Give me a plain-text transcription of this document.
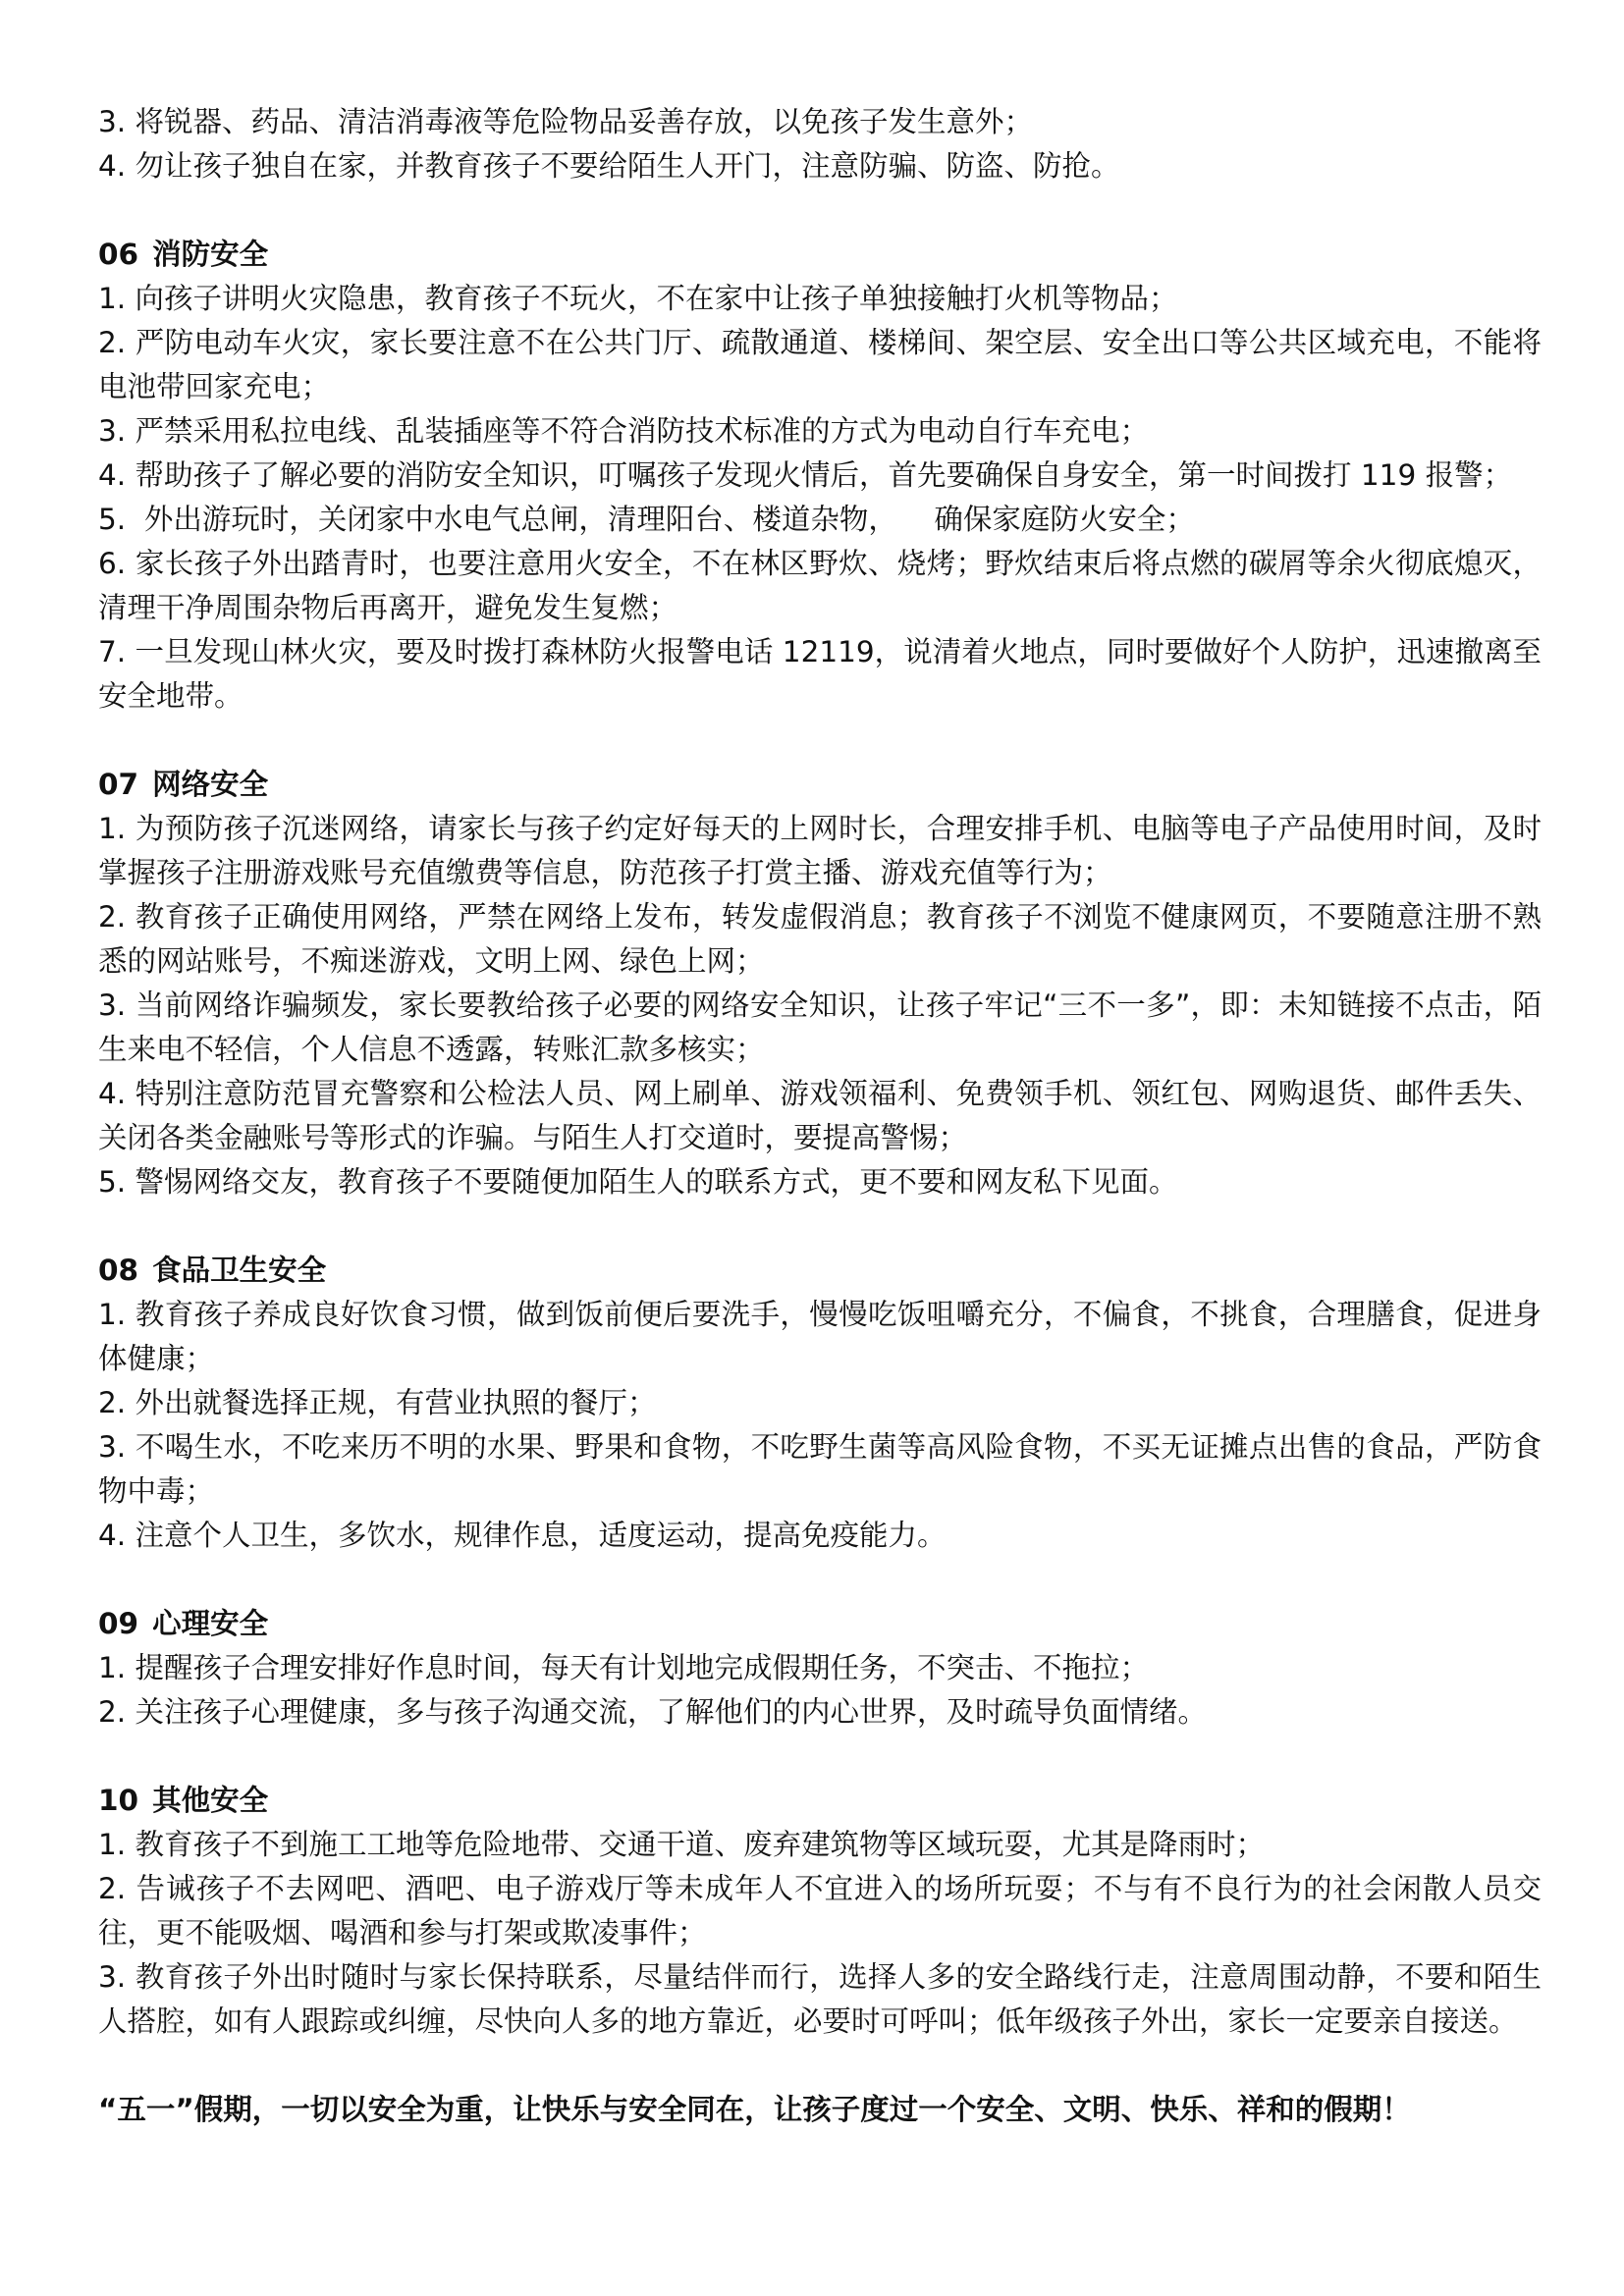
3. 将锐器、药品、清洁消毒液等危险物品妥善存放，以免孩子发生意外；

4. 勿让孩子独自在家，并教育孩子不要给陌生人开门，注意防骗、防盗、防抢。

06 消防安全

1. 向孩子讲明火灾隐患，教育孩子不玩火，不在家中让孩子单独接触打火机等物品；

2. 严防电动车火灾，家长要注意不在公共门厅、疏散通道、楼梯间、架空层、安全出口等公共区域充电，不能将电池带回家充电；

3. 严禁采用私拉电线、乱装插座等不符合消防技术标准的方式为电动自行车充电；

4. 帮助孩子了解必要的消防安全知识，叮嘱孩子发现火情后，首先要确保自身安全，第一时间拨打 119 报警；

5.  外出游玩时，关闭家中水电气总闸，清理阳台、楼道杂物，    确保家庭防火安全；

6. 家长孩子外出踏青时，也要注意用火安全，不在林区野炊、烧烤；野炊结束后将点燃的碳屑等余火彻底熄灭，清理干净周围杂物后再离开，避免发生复燃；

7. 一旦发现山林火灾，要及时拨打森林防火报警电话 12119，说清着火地点，同时要做好个人防护，迅速撤离至安全地带。

07 网络安全

1. 为预防孩子沉迷网络，请家长与孩子约定好每天的上网时长，合理安排手机、电脑等电子产品使用时间，及时掌握孩子注册游戏账号充值缴费等信息，防范孩子打赏主播、游戏充值等行为；

2. 教育孩子正确使用网络，严禁在网络上发布，转发虚假消息；教育孩子不浏览不健康网页，不要随意注册不熟悉的网站账号，不痴迷游戏，文明上网、绿色上网；

3. 当前网络诈骗频发，家长要教给孩子必要的网络安全知识，让孩子牢记“三不一多”，即：未知链接不点击，陌生来电不轻信，个人信息不透露，转账汇款多核实；

4. 特别注意防范冒充警察和公检法人员、网上刷单、游戏领福利、免费领手机、领红包、网购退货、邮件丢失、关闭各类金融账号等形式的诈骗。与陌生人打交道时，要提高警惕；

5. 警惕网络交友，教育孩子不要随便加陌生人的联系方式，更不要和网友私下见面。

08 食品卫生安全

1. 教育孩子养成良好饮食习惯，做到饭前便后要洗手，慢慢吃饭咀嚼充分，不偏食，不挑食，合理膳食，促进身体健康；

2. 外出就餐选择正规，有营业执照的餐厅；

3. 不喝生水，不吃来历不明的水果、野果和食物，不吃野生菌等高风险食物，不买无证摊点出售的食品，严防食物中毒；

4. 注意个人卫生，多饮水，规律作息，适度运动，提高免疫能力。

09 心理安全

1. 提醒孩子合理安排好作息时间，每天有计划地完成假期任务，不突击、不拖拉；

2. 关注孩子心理健康，多与孩子沟通交流，了解他们的内心世界，及时疏导负面情绪。

10 其他安全

1. 教育孩子不到施工工地等危险地带、交通干道、废弃建筑物等区域玩耍，尤其是降雨时；

2. 告诫孩子不去网吧、酒吧、电子游戏厅等未成年人不宜进入的场所玩耍；不与有不良行为的社会闲散人员交往，更不能吸烟、喝酒和参与打架或欺凌事件；

3. 教育孩子外出时随时与家长保持联系，尽量结伴而行，选择人多的安全路线行走，注意周围动静，不要和陌生人搭腔，如有人跟踪或纠缠，尽快向人多的地方靠近，必要时可呼叫；低年级孩子外出，家长一定要亲自接送。

“五一”假期，一切以安全为重，让快乐与安全同在，让孩子度过一个安全、文明、快乐、祥和的假期！
